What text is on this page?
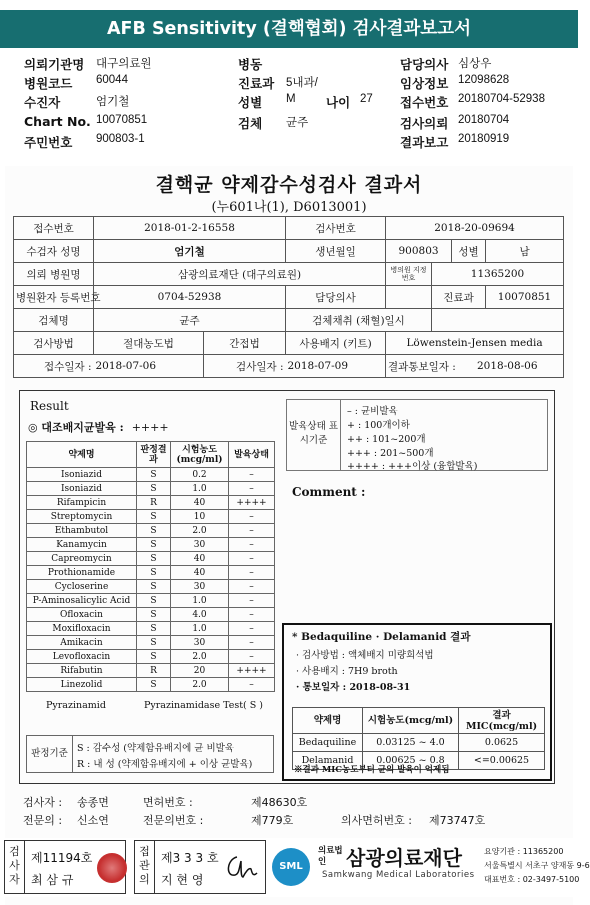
AFB Sensitivity (결핵협회) 검사결과보고서
의뢰기관명 대구의료원	병동	담당의사 심상우
병원코드 60044	진료과 5내과/	임상정보 12098628
수진자	엄기철	성별 M 나이 27 접수번호 20180704-52938
Chart No. 10070851	검체 균주	검사의뢰 20180704
주민번호 900803-1	결과보고 20180919
결핵균 약제감수성검사 결과서
(누601나(1), D6013001)
접수번호	2018-01-2-16558		검사번호	2018-20-09694			
수검자 성명	엄기철		생년월일	900803		성별	남
의뢰 병원명	삼광의료재단 (대구의료원)			병의원 지정번호	11365200		
병원환자 등록번호	0704-52938		담당의사		진료과		10070851
검체명	균주		검체채취 (채혈)일시				
검사방법	절대농도법	간접법	사용배지 (키트)	Löwenstein-Jensen media			
접수일자 :	2018-07-06	검사일자 :	2018-07-09	결과통보일자 :		2018-08-06	
Result
◎ 대조배지균발육 : ++++
약제명	판정결과	시험농도(mcg/ml)	발육상태
Isoniazid	S	0.2	–
Isoniazid	S	1.0	–
Rifampicin	R	40	++++
Streptomycin	S	10	–
Ethambutol	S	2.0	–
Kanamycin	S	30	–
Capreomycin	S	40	–
Prothionamide	S	40	–
Cycloserine	S	30	–
P-Aminosalicylic Acid	S	1.0	–
Ofloxacin	S	4.0	–
Moxifloxacin	S	1.0	–
Amikacin	S	30	–
Levofloxacin	S	2.0	–
Rifabutin	R	20	++++
Linezolid	S	2.0	–
Pyrazinamid	Pyrazinamidase Test( S )
판정기준 S : 감수성 (약제함유배지에 균 비발육
R : 내 성 (약제함유배지에 + 이상 균발육)
발육상태 표시기준
– : 균비발육
+ : 100개이하
++ : 101~200개
+++ : 201~500개
++++ : +++이상 (융합발육)
Comment :
* Bedaquiline · Delamanid 결과
· 검사방법 : 액체배지 미량희석법
· 사용배지 : 7H9 broth
· 통보일자 : 2018-08-31
약제명	시험농도(mcg/ml)	결과 MIC(mcg/ml)
Bedaquiline	0.03125 ~ 4.0	0.0625
Delamanid	0.00625 ~ 0.8	<=0.00625
※결과 MIC농도부터 균의 발육이 억제됨
검사자 : 송종면	면허번호 :	제48630호
전문의 : 신소연	전문의번호 :	제779호	의사면허번호 : 제73747호
검사자
제11194호
최 삼 규
접관의
제3 3 3 호
지 현 영
SML
의료법인 삼광의료재단
Samkwang Medical Laboratories
요양기관 : 11365200
서울특별시 서초구 양재동 9-6
대표번호 : 02-3497-5100
